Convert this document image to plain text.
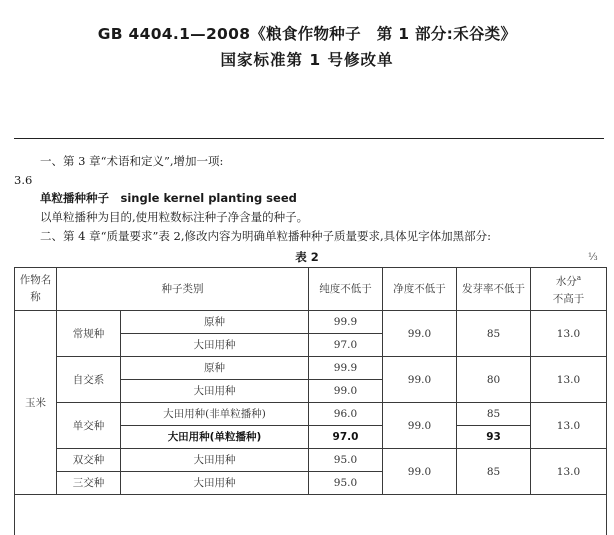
GB 4404.1—2008《粮食作物种子　第 1 部分:禾谷类》
国家标准第 1 号修改单
一、第 3 章“术语和定义”,增加一项:
3.6
单粒播种种子　single kernel planting seed
以单粒播种为目的,使用粒数标注种子净含量的种子。
二、第 4 章“质量要求”表 2,修改内容为明确单粒播种种子质量要求,具体见字体加黑部分:
表 2	⅓
作物名称	种子类别		纯度不低于	净度不低于	发芽率不低于	水分$^a$
不高于
玉米	常规种	原种	99.9	99.0	85	13.0
		大田用种	97.0			
	自交系	原种	99.9	99.0	80	13.0
		大田用种	99.0			
	单交种	大田用种(非单粒播种)	96.0	99.0	85	13.0
		大田用种(单粒播种)	97.0		93	
	双交种	大田用种	95.0	99.0	85	13.0
	三交种	大田用种	95.0			
